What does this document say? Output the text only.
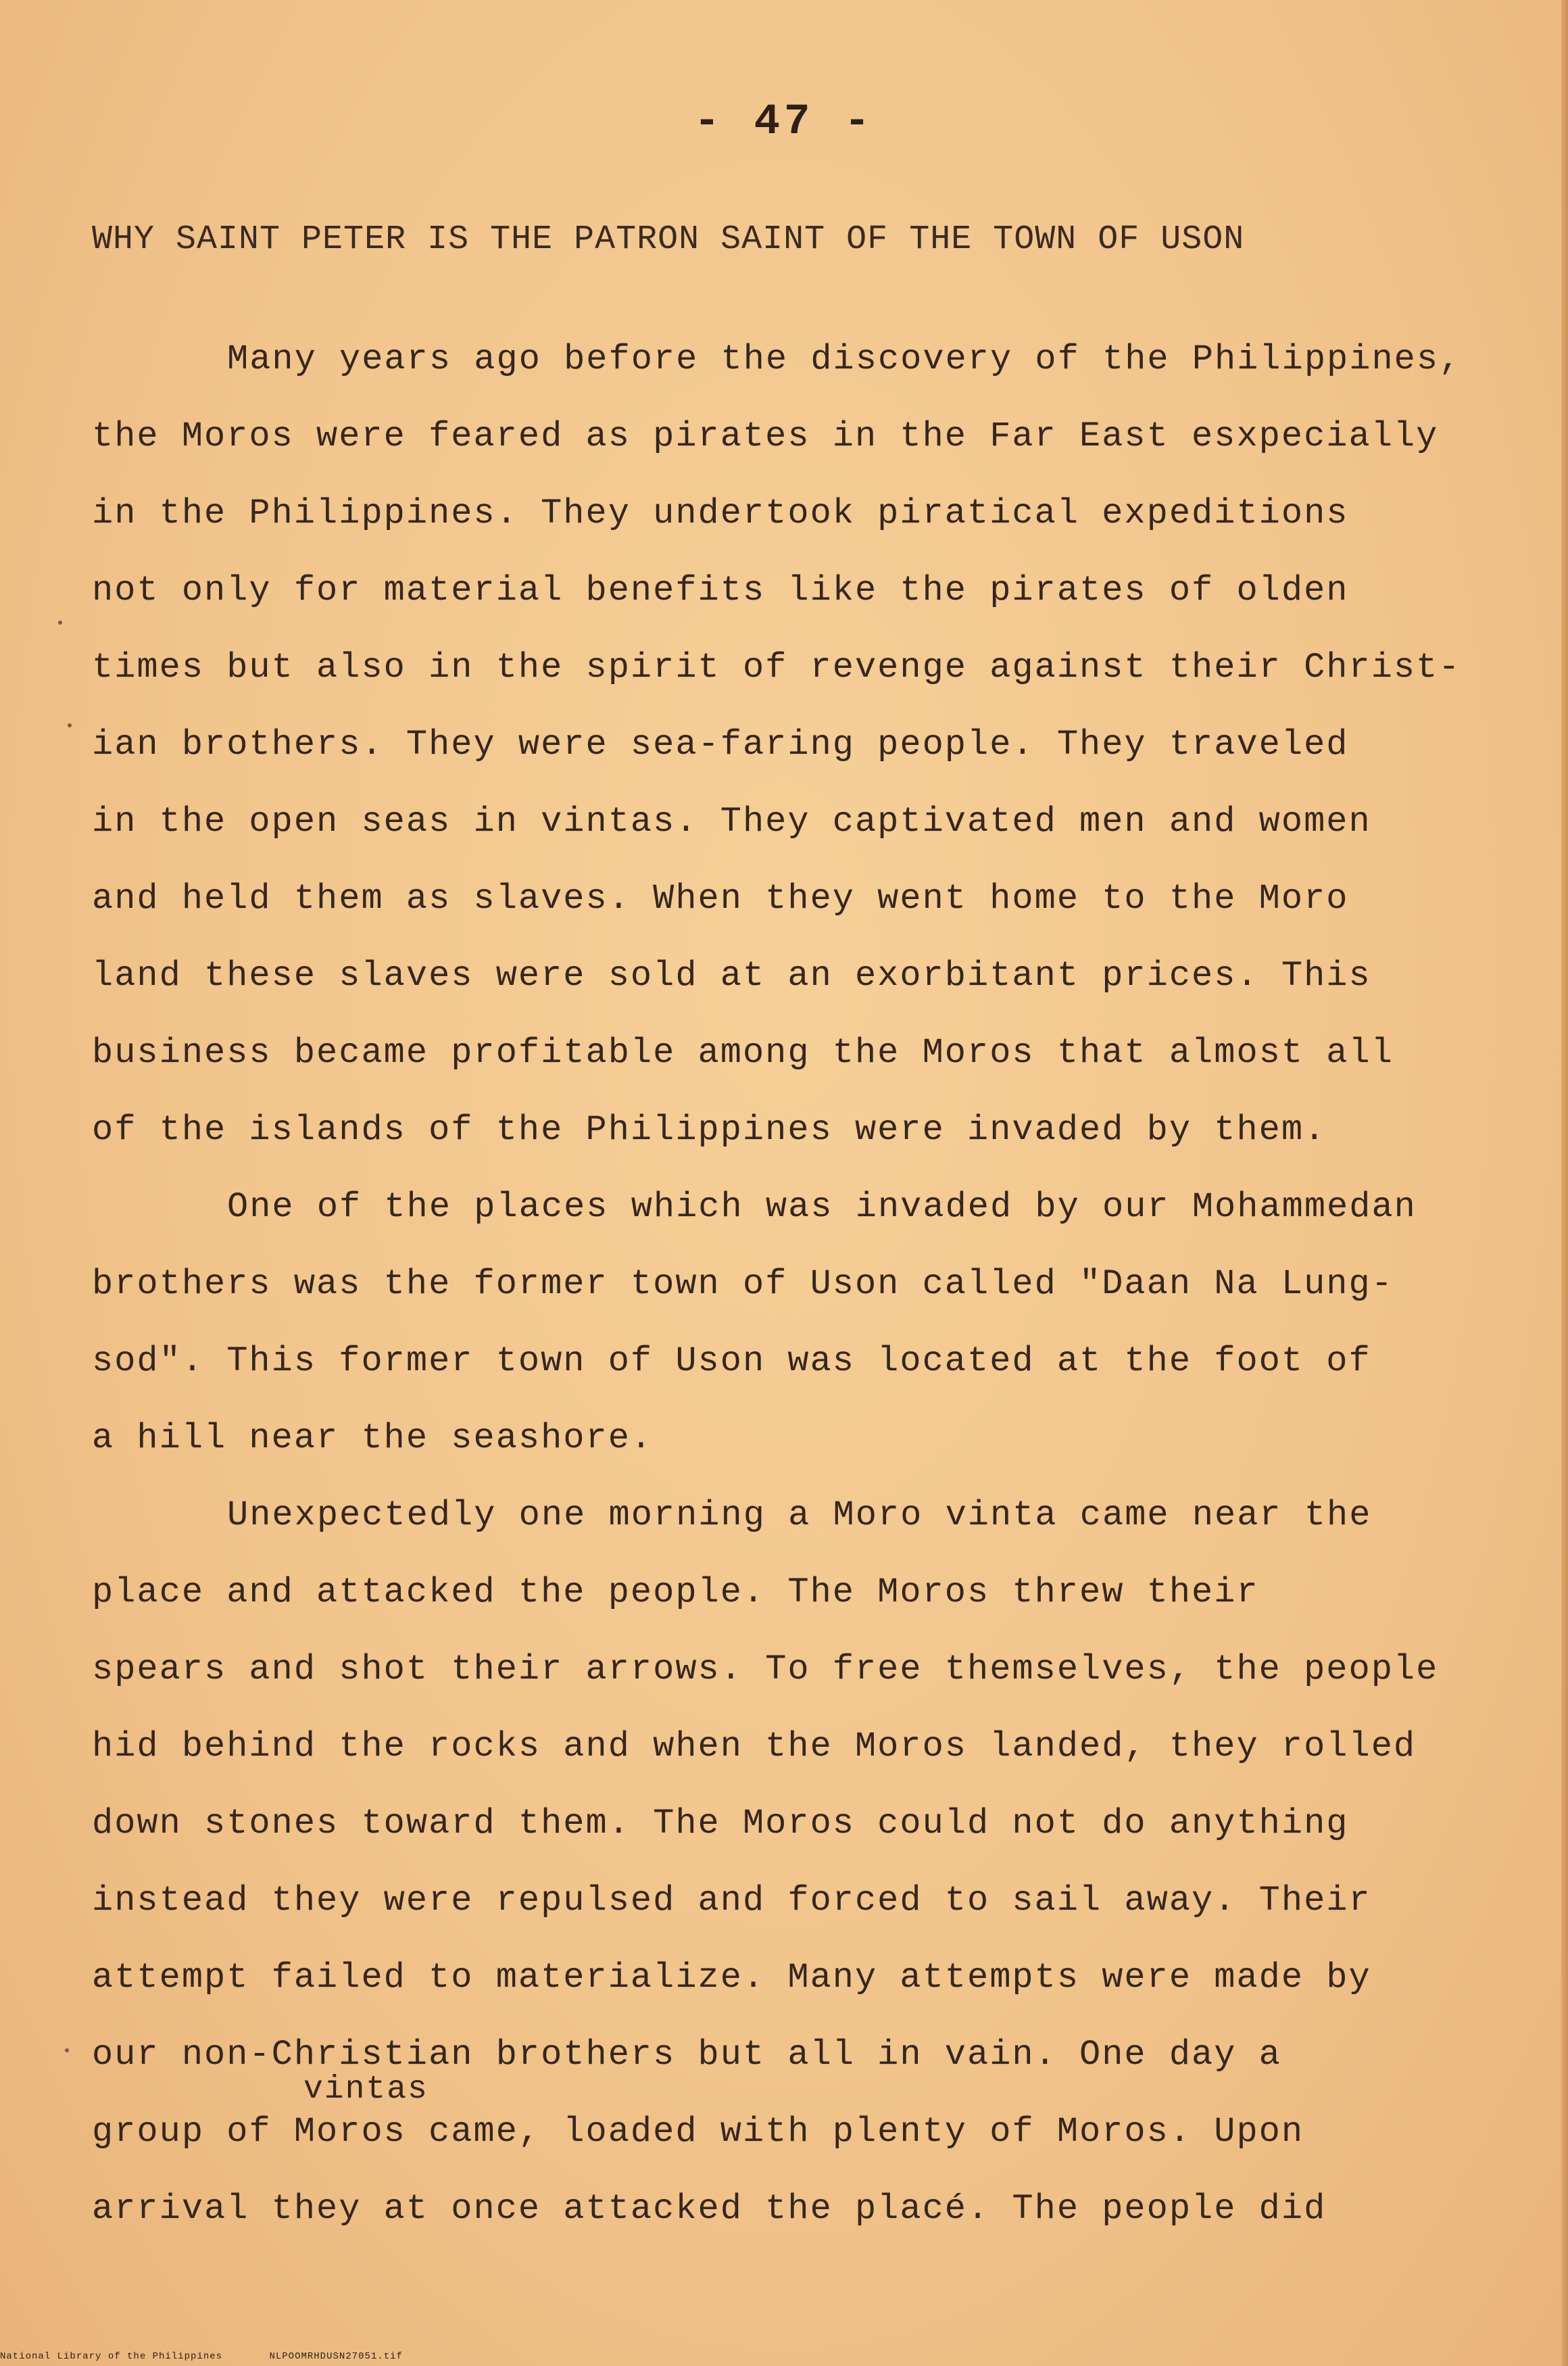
- 47 -
WHY SAINT PETER IS THE PATRON SAINT OF THE TOWN OF USON
Many years ago before the discovery of the Philippines,
the Moros were feared as pirates in the Far East esxpecially
in the Philippines. They undertook piratical expeditions
not only for material benefits like the pirates of olden
times but also in the spirit of revenge against their Christ-
ian brothers. They were sea-faring people. They traveled
in the open seas in vintas. They captivated men and women
and held them as slaves. When they went home to the Moro
land these slaves were sold at an exorbitant prices. This
business became profitable among the Moros that almost all
of the islands of the Philippines were invaded by them.
One of the places which was invaded by our Mohammedan
brothers was the former town of Uson called "Daan Na Lung-
sod". This former town of Uson was located at the foot of
a hill near the seashore.
Unexpectedly one morning a Moro vinta came near the
place and attacked the people. The Moros threw their
spears and shot their arrows. To free themselves, the people
hid behind the rocks and when the Moros landed, they rolled
down stones toward them. The Moros could not do anything
instead they were repulsed and forced to sail away. Their
attempt failed to materialize. Many attempts were made by
our non-Christian brothers but all in vain. One day a
group of Moros came, loaded with plenty of Moros. Upon
arrival they at once attacked the placé. The people did
vintas
National Library of the Philippines	NLPOOMRHDUSN27051.tif
